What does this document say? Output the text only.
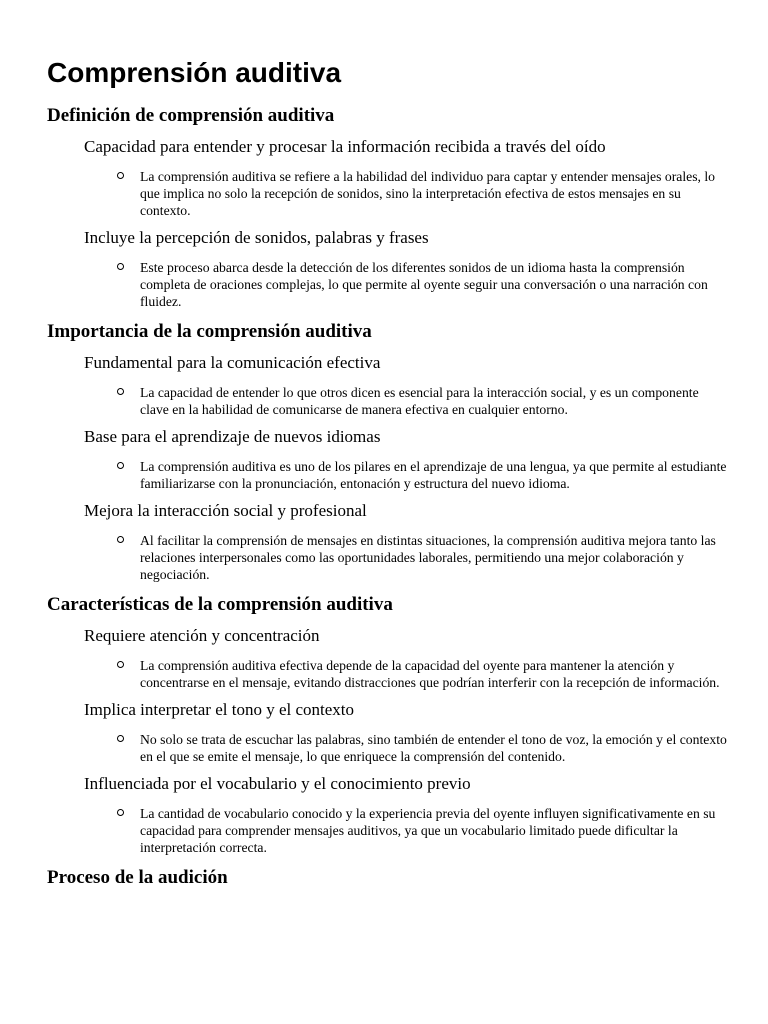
Comprensión auditiva
Definición de comprensión auditiva
Capacidad para entender y procesar la información recibida a través del oído
La comprensión auditiva se refiere a la habilidad del individuo para captar y entender mensajes orales, lo que implica no solo la recepción de sonidos, sino la interpretación efectiva de estos mensajes en su contexto.
Incluye la percepción de sonidos, palabras y frases
Este proceso abarca desde la detección de los diferentes sonidos de un idioma hasta la comprensión completa de oraciones complejas, lo que permite al oyente seguir una conversación o una narración con fluidez.
Importancia de la comprensión auditiva
Fundamental para la comunicación efectiva
La capacidad de entender lo que otros dicen es esencial para la interacción social, y es un componente clave en la habilidad de comunicarse de manera efectiva en cualquier entorno.
Base para el aprendizaje de nuevos idiomas
La comprensión auditiva es uno de los pilares en el aprendizaje de una lengua, ya que permite al estudiante familiarizarse con la pronunciación, entonación y estructura del nuevo idioma.
Mejora la interacción social y profesional
Al facilitar la comprensión de mensajes en distintas situaciones, la comprensión auditiva mejora tanto las relaciones interpersonales como las oportunidades laborales, permitiendo una mejor colaboración y negociación.
Características de la comprensión auditiva
Requiere atención y concentración
La comprensión auditiva efectiva depende de la capacidad del oyente para mantener la atención y concentrarse en el mensaje, evitando distracciones que podrían interferir con la recepción de información.
Implica interpretar el tono y el contexto
No solo se trata de escuchar las palabras, sino también de entender el tono de voz, la emoción y el contexto en el que se emite el mensaje, lo que enriquece la comprensión del contenido.
Influenciada por el vocabulario y el conocimiento previo
La cantidad de vocabulario conocido y la experiencia previa del oyente influyen significativamente en su capacidad para comprender mensajes auditivos, ya que un vocabulario limitado puede dificultar la interpretación correcta.
Proceso de la audición
